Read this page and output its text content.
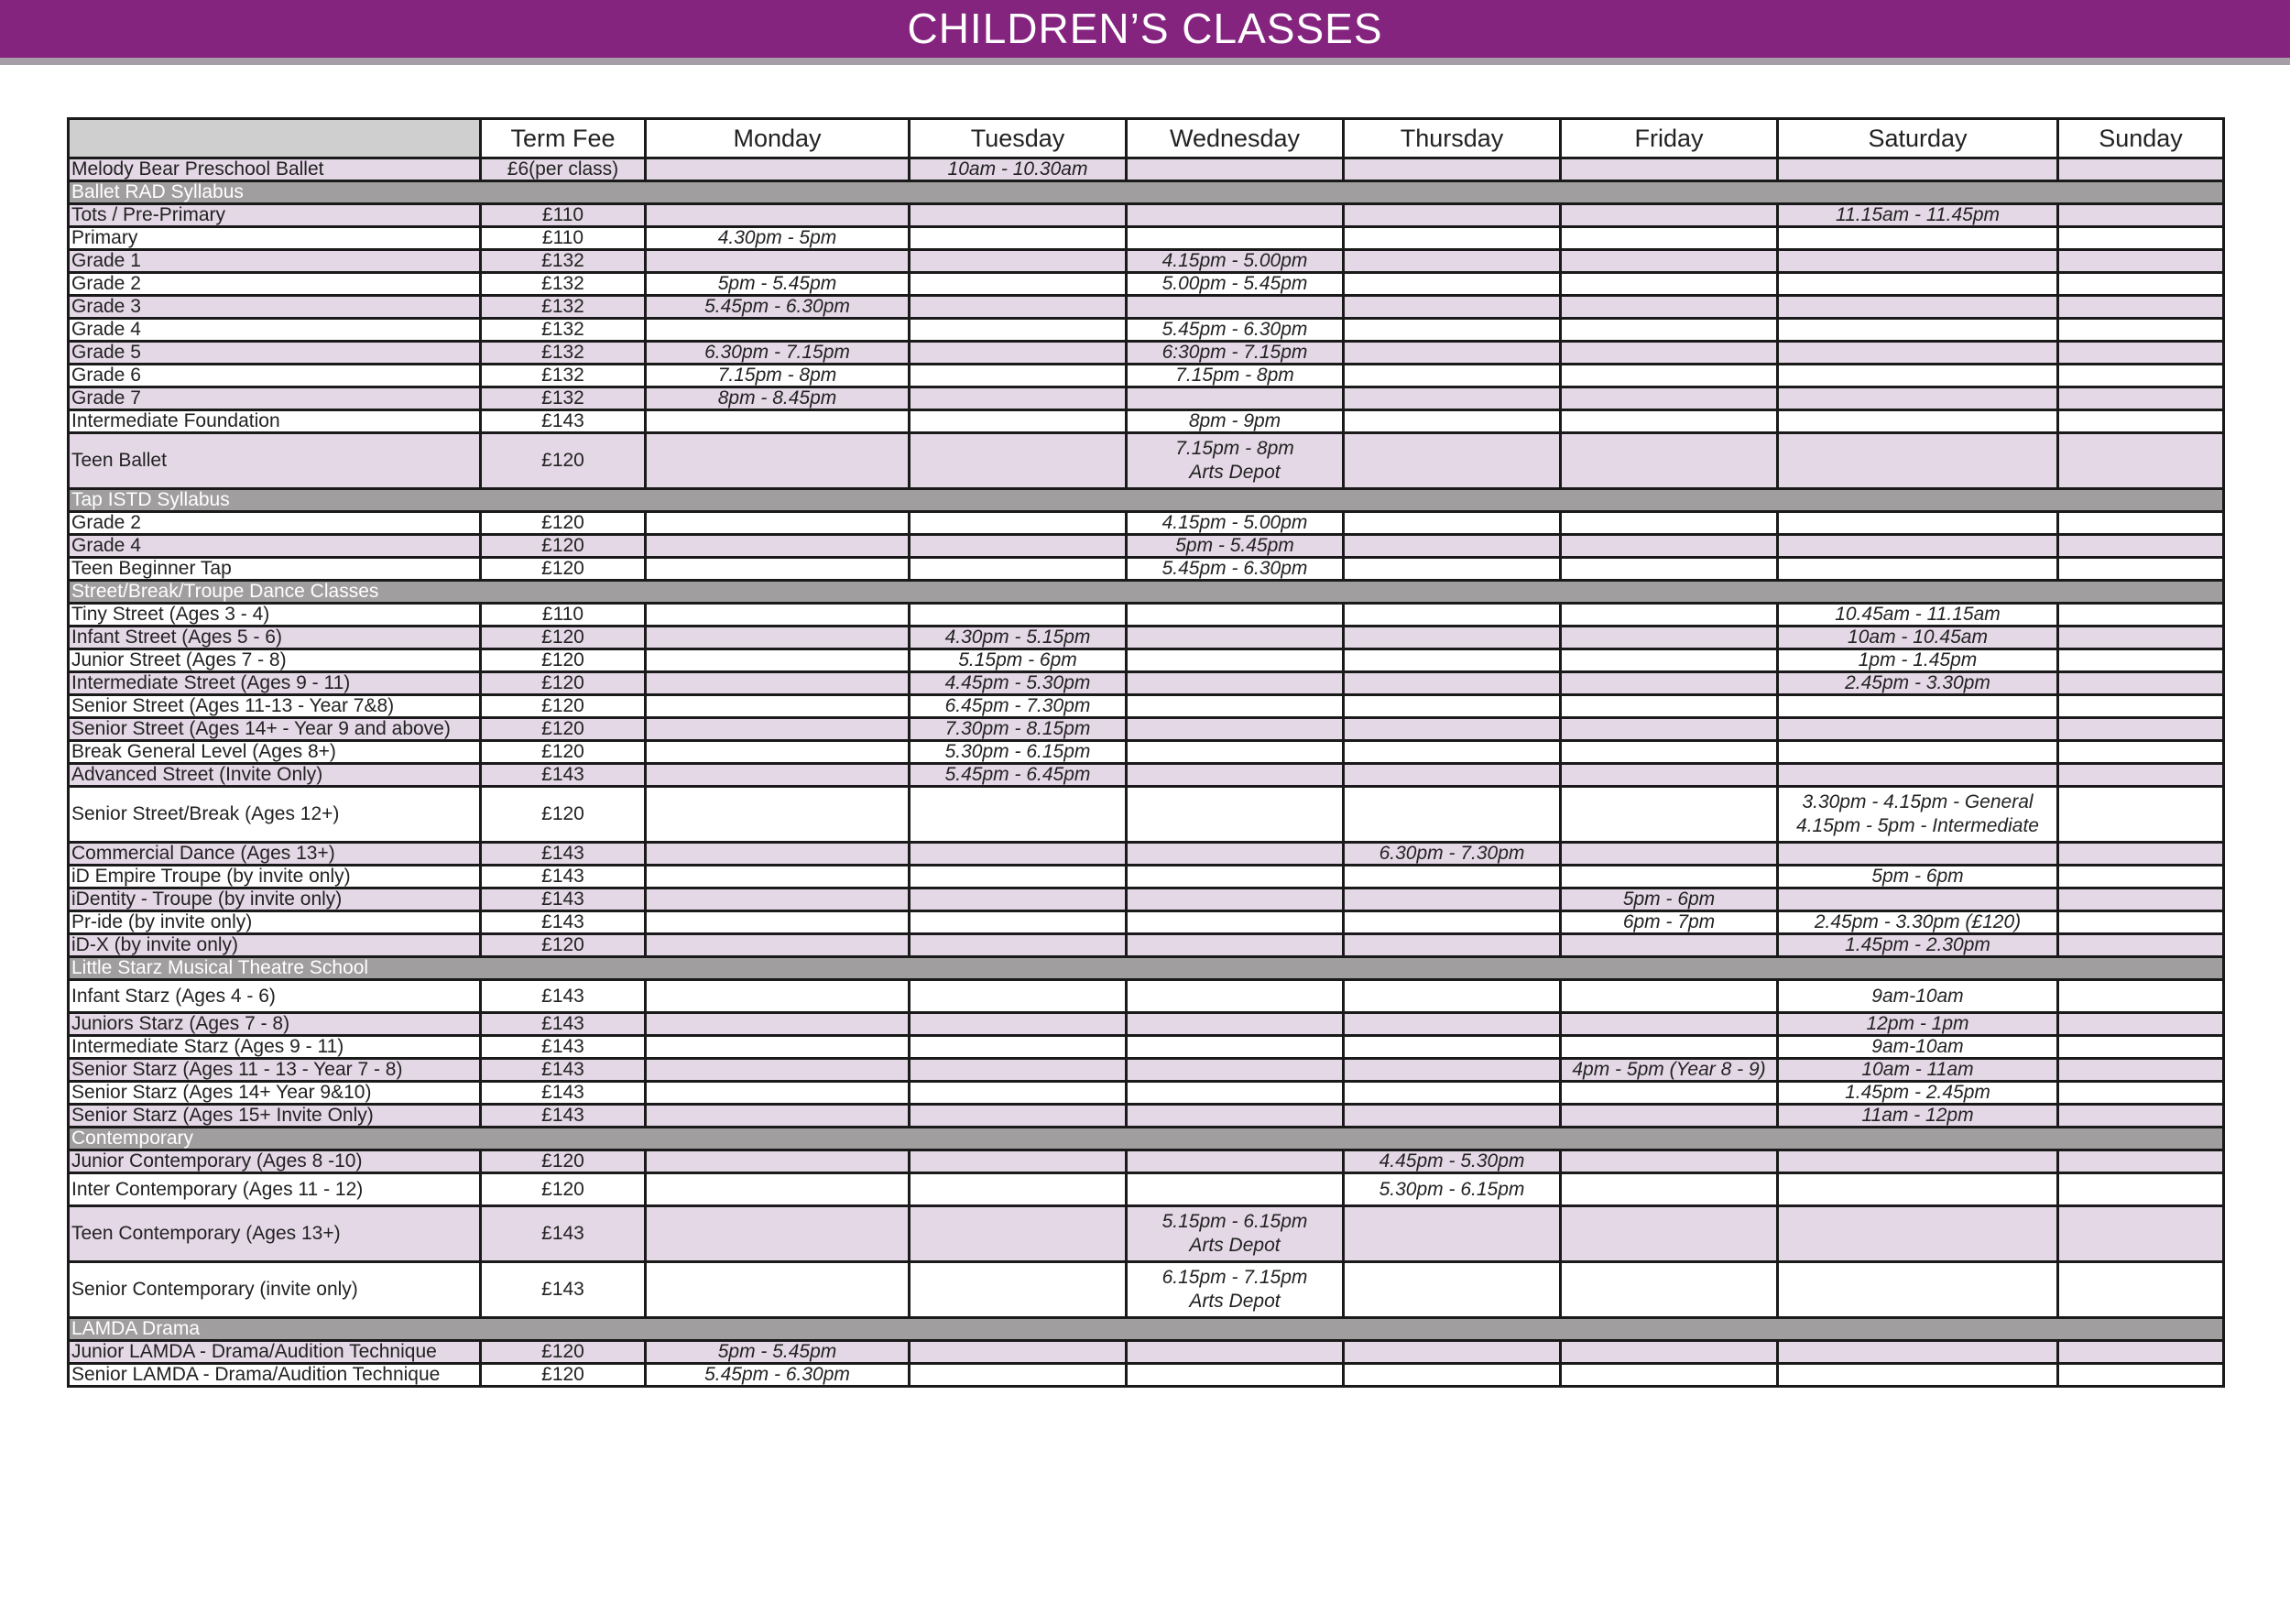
CHILDREN’S CLASSES
	Term Fee	Monday	Tuesday	Wednesday	Thursday	Friday	Saturday	Sunday
Melody Bear Preschool Ballet	£6(per class)		10am - 10.30am					
Ballet RAD Syllabus								
Tots / Pre-Primary	£110						11.15am - 11.45pm	
Primary	£110	4.30pm - 5pm						
Grade 1	£132			4.15pm - 5.00pm				
Grade 2	£132	5pm - 5.45pm		5.00pm - 5.45pm				
Grade 3	£132	5.45pm - 6.30pm						
Grade 4	£132			5.45pm - 6.30pm				
Grade 5	£132	6.30pm - 7.15pm		6:30pm - 7.15pm				
Grade 6	£132	7.15pm - 8pm		7.15pm - 8pm				
Grade 7	£132	8pm - 8.45pm						
Intermediate Foundation	£143			8pm - 9pm				
Teen Ballet	£120			7.15pm - 8pm
Arts Depot				

Tap ISTD Syllabus								
Grade 2	£120			4.15pm - 5.00pm				
Grade 4	£120			5pm - 5.45pm				
Teen Beginner Tap	£120			5.45pm - 6.30pm				
Street/Break/Troupe Dance Classes								
Tiny Street (Ages 3 - 4)	£110						10.45am - 11.15am	
Infant Street (Ages 5 - 6)	£120		4.30pm - 5.15pm				10am - 10.45am	
Junior Street (Ages 7 - 8)	£120		5.15pm - 6pm				1pm - 1.45pm	
Intermediate Street (Ages 9 - 11)	£120		4.45pm - 5.30pm				2.45pm - 3.30pm	
Senior Street (Ages 11-13 - Year 7&8)	£120		6.45pm - 7.30pm					
Senior Street (Ages 14+ - Year 9 and above)	£120		7.30pm - 8.15pm					
Break General Level (Ages 8+)	£120		5.30pm - 6.15pm					
Advanced Street (Invite Only)	£143		5.45pm - 6.45pm					
Senior Street/Break (Ages 12+)	£120						3.30pm - 4.15pm - General
4.15pm - 5pm - Intermediate	

Commercial Dance (Ages 13+)	£143				6.30pm - 7.30pm			
iD Empire Troupe (by invite only)	£143						5pm - 6pm	
iDentity - Troupe (by invite only)	£143					5pm - 6pm		
Pr-ide (by invite only)	£143					6pm - 7pm	2.45pm - 3.30pm (£120)	
iD-X (by invite only)	£120						1.45pm - 2.30pm	
Little Starz Musical Theatre School								
Infant Starz (Ages 4 - 6)	£143						9am-10am	
Juniors Starz (Ages 7 - 8)	£143						12pm - 1pm	
Intermediate Starz (Ages 9 - 11)	£143						9am-10am	
Senior Starz (Ages 11 - 13 - Year 7 - 8)	£143					4pm - 5pm (Year 8 - 9)	10am - 11am	
Senior Starz (Ages 14+ Year 9&10)	£143						1.45pm - 2.45pm	
Senior Starz (Ages 15+ Invite Only)	£143						11am - 12pm	
Contemporary								
Junior Contemporary (Ages 8 -10)	£120				4.45pm - 5.30pm			
Inter Contemporary (Ages 11 - 12)	£120				5.30pm - 6.15pm			
Teen Contemporary (Ages 13+)	£143			5.15pm - 6.15pm
Arts Depot				

Senior Contemporary (invite only)	£143			6.15pm - 7.15pm
Arts Depot				

LAMDA Drama								
Junior LAMDA - Drama/Audition Technique	£120	5pm - 5.45pm						
Senior LAMDA - Drama/Audition Technique	£120	5.45pm - 6.30pm						
